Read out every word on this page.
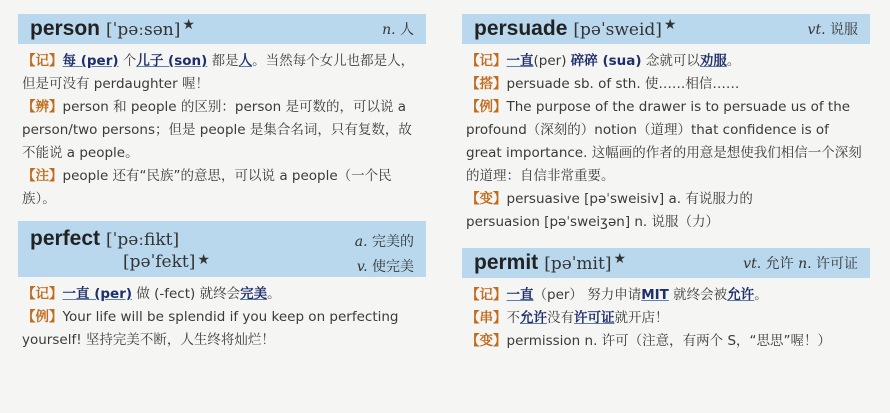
person [ˈpəːsən] ★	n. 人

【记】每 (per) 个儿子 (son) 都是人。当然每个女儿也都是人，但是可没有 perdaughter 喔！

【辨】person 和 people 的区别：person 是可数的，可以说 a person/two persons；但是 people 是集合名词，只有复数，故不能说 a people。

【注】people 还有“民族”的意思，可以说 a people（一个民族）。

perfect [ˈpəːfikt]
[pəˈfekt] ★
a. 完美的
v. 使完美

【记】一直 (per) 做 (-fect) 就终会完美。

【例】Your life will be splendid if you keep on perfecting yourself! 坚持完美不断，人生终将灿烂！

persuade [pəˈsweid] ★	vt. 说服

【记】一直(per) 碎碎 (sua) 念就可以劝服。

【搭】persuade sb. of sth. 使……相信……

【例】The purpose of the drawer is to persuade us of the profound（深刻的）notion（道理）that confidence is of great importance. 这幅画的作者的用意是想使我们相信一个深刻的道理：自信非常重要。

【变】persuasive [pəˈsweisiv] a. 有说服力的

persuasion [pəˈsweiʒən] n. 说服（力）

permit [pəˈmit] ★	vt. 允许 n. 许可证

【记】一直（per） 努力申请MIT 就终会被允许。

【串】不允许没有许可证就开店！

【变】permission n. 许可（注意，有两个 S，“思思”喔！）
